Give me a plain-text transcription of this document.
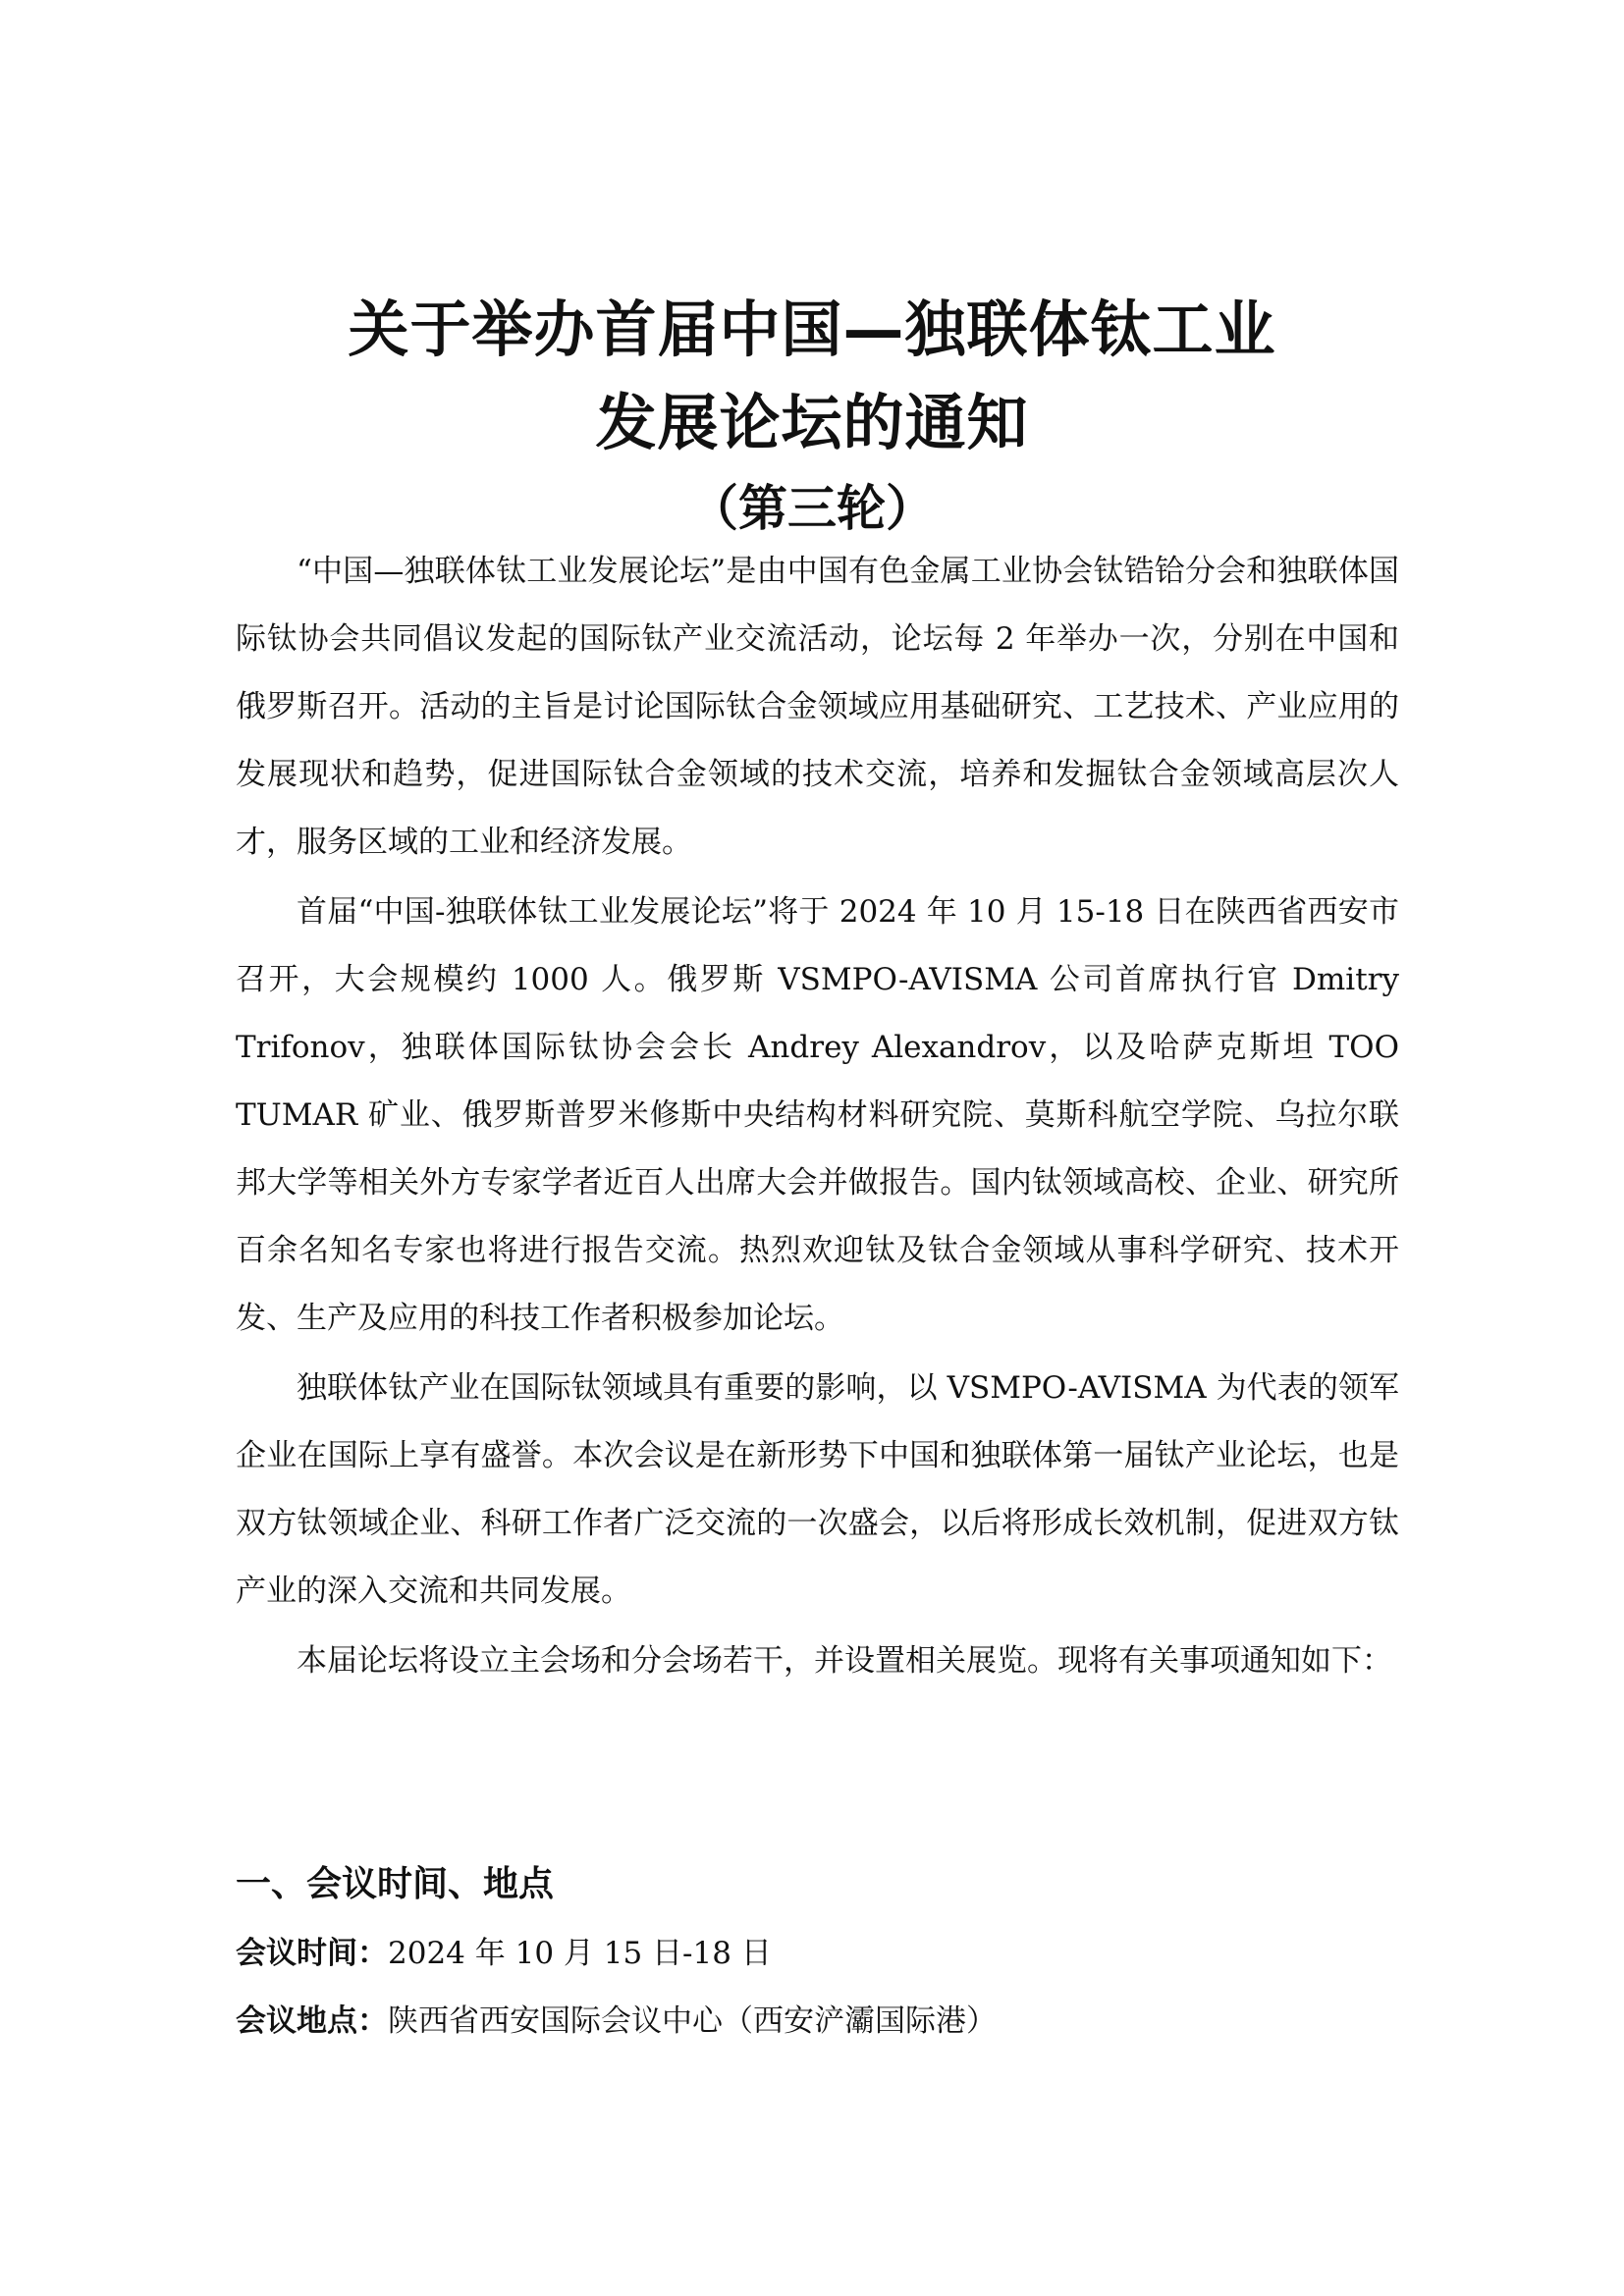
关于举办首届中国—独联体钛工业
发展论坛的通知
（第三轮）

“中国—独联体钛工业发展论坛”是由中国有色金属工业协会钛锆铪分会和独联体国际钛协会共同倡议发起的国际钛产业交流活动，论坛每 2 年举办一次，分别在中国和俄罗斯召开。活动的主旨是讨论国际钛合金领域应用基础研究、工艺技术、产业应用的发展现状和趋势，促进国际钛合金领域的技术交流，培养和发掘钛合金领域高层次人才，服务区域的工业和经济发展。

首届“中国-独联体钛工业发展论坛”将于 2024 年 10 月 15-18 日在陕西省西安市召开，大会规模约 1000 人。俄罗斯 VSMPO-AVISMA 公司首席执行官 Dmitry Trifonov，独联体国际钛协会会长 Andrey Alexandrov，以及哈萨克斯坦 TOO TUMAR 矿业、俄罗斯普罗米修斯中央结构材料研究院、莫斯科航空学院、乌拉尔联邦大学等相关外方专家学者近百人出席大会并做报告。国内钛领域高校、企业、研究所百余名知名专家也将进行报告交流。热烈欢迎钛及钛合金领域从事科学研究、技术开发、生产及应用的科技工作者积极参加论坛。

独联体钛产业在国际钛领域具有重要的影响，以 VSMPO-AVISMA 为代表的领军企业在国际上享有盛誉。本次会议是在新形势下中国和独联体第一届钛产业论坛，也是双方钛领域企业、科研工作者广泛交流的一次盛会，以后将形成长效机制，促进双方钛产业的深入交流和共同发展。

本届论坛将设立主会场和分会场若干，并设置相关展览。现将有关事项通知如下：

一、会议时间、地点

会议时间：2024 年 10 月 15 日-18 日

会议地点：陕西省西安国际会议中心（西安浐灞国际港）
